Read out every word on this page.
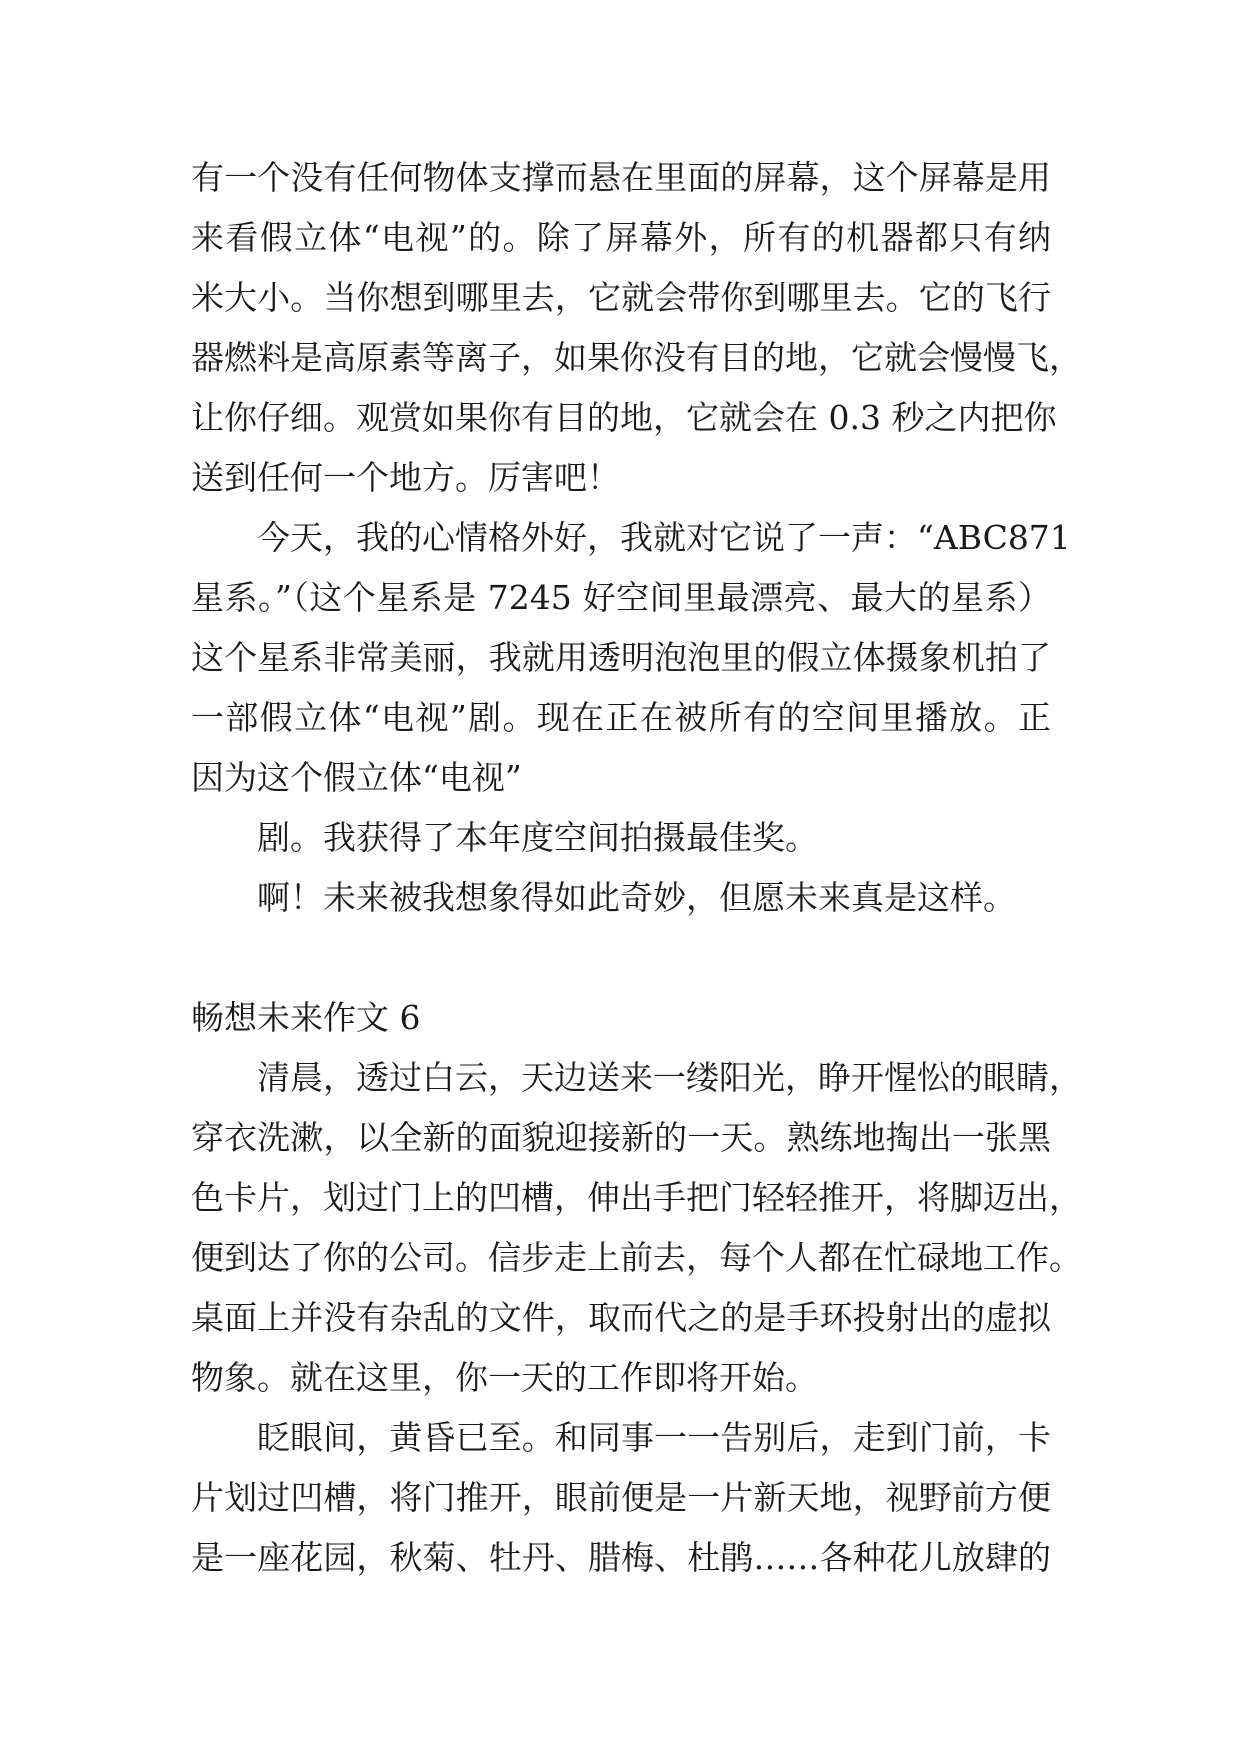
有一个没有任何物体支撑而悬在里面的屏幕，这个屏幕是用
来看假立体“电视”的。除了屏幕外，所有的机器都只有纳
米大小。当你想到哪里去，它就会带你到哪里去。它的飞行
器燃料是高原素等离子，如果你没有目的地，它就会慢慢飞，
让你仔细。观赏如果你有目的地，它就会在 0.3 秒之内把你
送到任何一个地方。厉害吧！
今天，我的心情格外好，我就对它说了一声：“ABC871
星系。”（这个星系是 7245 好空间里最漂亮、最大的星系）
这个星系非常美丽，我就用透明泡泡里的假立体摄象机拍了
一部假立体“电视”剧。现在正在被所有的空间里播放。正
因为这个假立体“电视”
剧。我获得了本年度空间拍摄最佳奖。
啊！未来被我想象得如此奇妙，但愿未来真是这样。
畅想未来作文 6
清晨，透过白云，天边送来一缕阳光，睁开惺忪的眼睛，
穿衣洗漱，以全新的面貌迎接新的一天。熟练地掏出一张黑
色卡片，划过门上的凹槽，伸出手把门轻轻推开，将脚迈出，
便到达了你的公司。信步走上前去，每个人都在忙碌地工作。
桌面上并没有杂乱的文件，取而代之的是手环投射出的虚拟
物象。就在这里，你一天的工作即将开始。
眨眼间，黄昏已至。和同事一一告别后，走到门前，卡
片划过凹槽，将门推开，眼前便是一片新天地，视野前方便
是一座花园，秋菊、牡丹、腊梅、杜鹃……各种花儿放肆的
